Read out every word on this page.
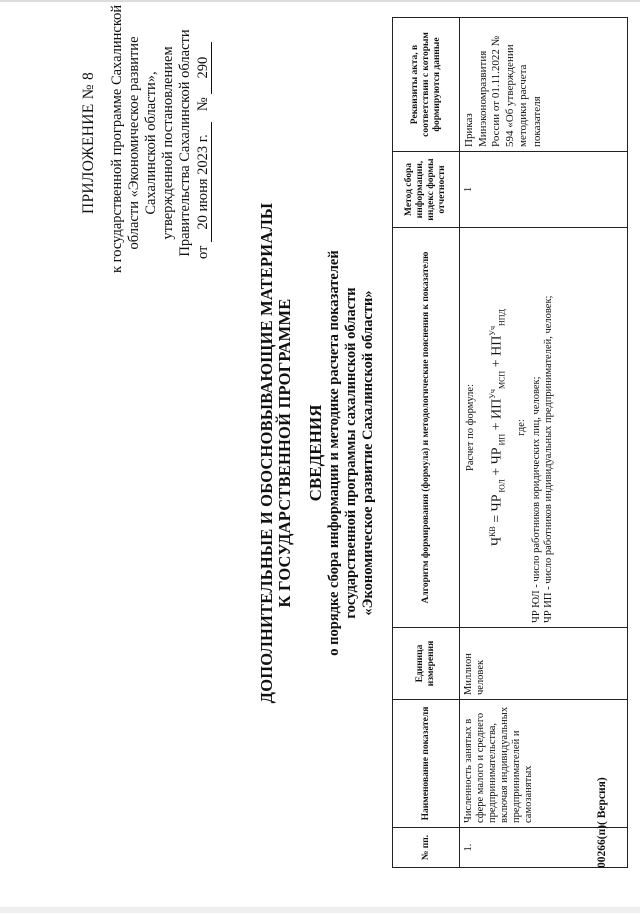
ПРИЛОЖЕНИЕ № 8 к государственной программе Сахалинской области «Экономическое развитие Сахалинской области», утвержденной постановлением Правительства Сахалинской области от 20 июня 2023 г.   № 290
ДОПОЛНИТЕЛЬНЫЕ И ОБОСНОВЫВАЮЩИЕ МАТЕРИАЛЫ К ГОСУДАРСТВЕННОЙ ПРОГРАММЕ СВЕДЕНИЯ о порядке сбора информации и методике расчета показателей государственной программы сахалинской области «Экономическое развитие Сахалинской области»
№ пп.	Наименование показателя	Единица измерения	Алгоритм формирования (формула) и методологические пояснения к показателю	Метод сбора информации, индекс формы отчетности	Реквизиты акта, в соответствии с которым формируются данные
1.	Численность занятых в сфере малого и среднего предпринимательства, включая индивидуальных предпринимателей и самозанятых	Миллион человек	Расчет по формуле:
$Ч^{КВ}$ = ЧР $_{ЮЛ}$ + ЧР $_{ИП} + ИП^{Уч}_{МСП} + НП^{Уч}_{НПД}$
где: ЧР ЮЛ - число работников юридических лиц, человек; ЧР ИП - число работников индивидуальных предпринимателей, человек;	1	Приказ Минэкономразвития России от 01.11.2022 № 594 «Об утверждении методики расчета показателя
00266(п)( Версия)
